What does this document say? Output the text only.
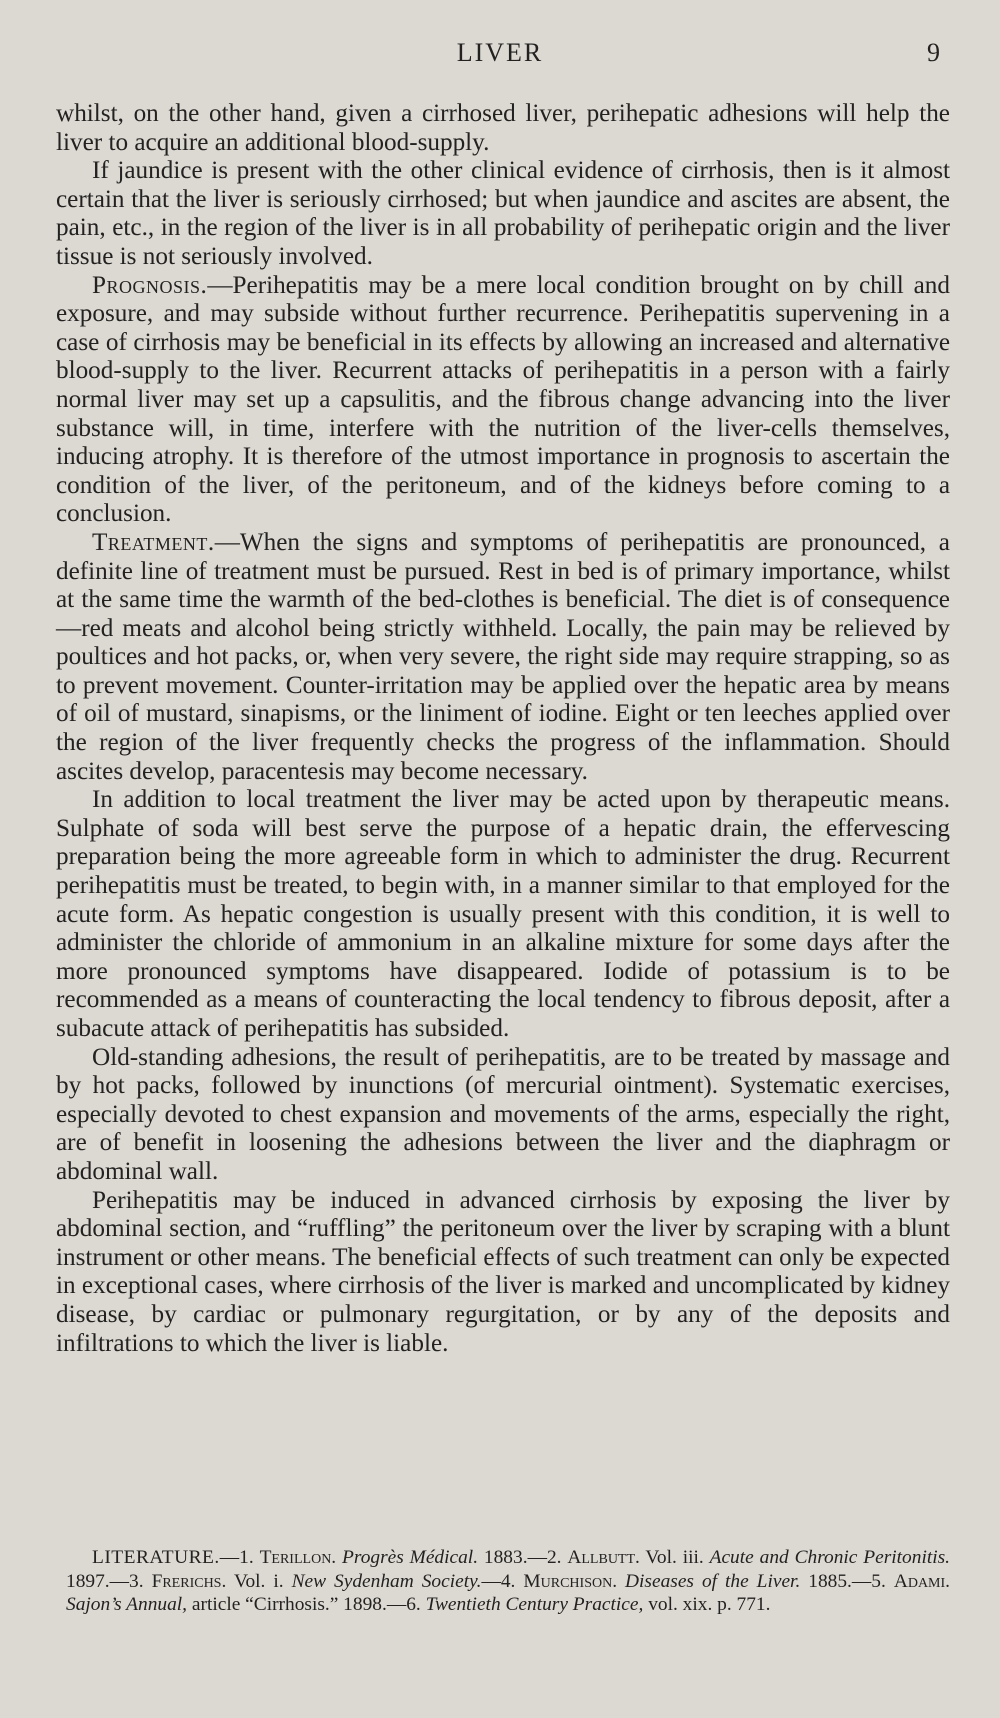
LIVER	9

whilst, on the other hand, given a cirrhosed liver, perihepatic adhesions will help the liver to acquire an additional blood-supply.

If jaundice is present with the other clinical evidence of cirrhosis, then is it almost certain that the liver is seriously cirrhosed; but when jaundice and ascites are absent, the pain, etc., in the region of the liver is in all probability of perihepatic origin and the liver tissue is not seriously involved.

Prognosis.—Perihepatitis may be a mere local condition brought on by chill and exposure, and may subside without further recurrence. Perihepatitis supervening in a case of cirrhosis may be beneficial in its effects by allowing an increased and alternative blood-supply to the liver. Recurrent attacks of perihepatitis in a person with a fairly normal liver may set up a capsulitis, and the fibrous change advancing into the liver substance will, in time, interfere with the nutrition of the liver-cells themselves, inducing atrophy. It is therefore of the utmost importance in prognosis to ascertain the condition of the liver, of the peritoneum, and of the kidneys before coming to a conclusion.

Treatment.—When the signs and symptoms of perihepatitis are pronounced, a definite line of treatment must be pursued. Rest in bed is of primary importance, whilst at the same time the warmth of the bed-clothes is beneficial. The diet is of consequence—red meats and alcohol being strictly withheld. Locally, the pain may be relieved by poultices and hot packs, or, when very severe, the right side may require strapping, so as to prevent movement. Counter-irritation may be applied over the hepatic area by means of oil of mustard, sinapisms, or the liniment of iodine. Eight or ten leeches applied over the region of the liver frequently checks the progress of the inflammation. Should ascites develop, paracentesis may become necessary.

In addition to local treatment the liver may be acted upon by therapeutic means. Sulphate of soda will best serve the purpose of a hepatic drain, the effervescing preparation being the more agreeable form in which to administer the drug. Recurrent perihepatitis must be treated, to begin with, in a manner similar to that employed for the acute form. As hepatic congestion is usually present with this condition, it is well to administer the chloride of ammonium in an alkaline mixture for some days after the more pronounced symptoms have disappeared. Iodide of potassium is to be recommended as a means of counteracting the local tendency to fibrous deposit, after a subacute attack of perihepatitis has subsided.

Old-standing adhesions, the result of perihepatitis, are to be treated by massage and by hot packs, followed by inunctions (of mercurial ointment). Systematic exercises, especially devoted to chest expansion and movements of the arms, especially the right, are of benefit in loosening the adhesions between the liver and the diaphragm or abdominal wall.

Perihepatitis may be induced in advanced cirrhosis by exposing the liver by abdominal section, and “ruffling” the peritoneum over the liver by scraping with a blunt instrument or other means. The beneficial effects of such treatment can only be expected in exceptional cases, where cirrhosis of the liver is marked and uncomplicated by kidney disease, by cardiac or pulmonary regurgitation, or by any of the deposits and infiltrations to which the liver is liable.

LITERATURE.—1. Terillon. Progrès Médical. 1883.—2. Allbutt. Vol. iii. Acute and Chronic Peritonitis. 1897.—3. Frerichs. Vol. i. New Sydenham Society.—4. Murchison. Diseases of the Liver. 1885.—5. Adami. Sajon’s Annual, article “Cirrhosis.” 1898.—6. Twentieth Century Practice, vol. xix. p. 771.
